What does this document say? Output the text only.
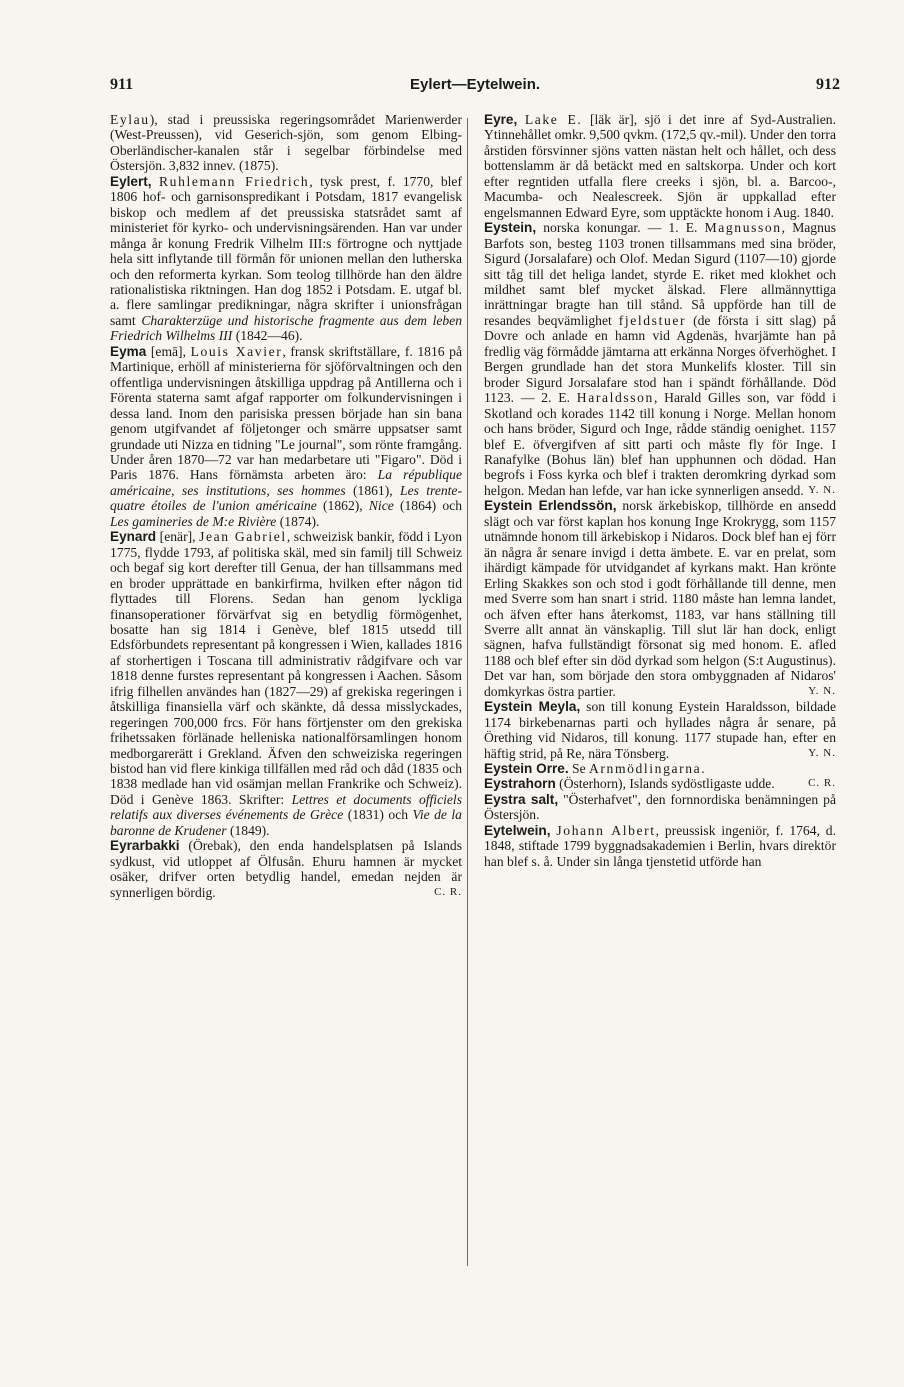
911	Eylert—Eytelwein.	912

Eylau), stad i preussiska regeringsområdet Marienwerder (West-Preussen), vid Geserich-sjön, som genom Elbing-Oberländischer-kanalen står i segelbar förbindelse med Östersjön. 3,832 innev. (1875).

Eylert, Ruhlemann Friedrich, tysk prest, f. 1770, blef 1806 hof- och garnisonspredikant i Potsdam, 1817 evangelisk biskop och medlem af det preussiska statsrådet samt af ministeriet för kyrko- och undervisningsärenden. Han var under många år konung Fredrik Vilhelm III:s förtrogne och nyttjade hela sitt inflytande till förmån för unionen mellan den lutherska och den reformerta kyrkan. Som teolog tillhörde han den äldre rationalistiska riktningen. Han dog 1852 i Potsdam. E. utgaf bl. a. flere samlingar predikningar, några skrifter i unionsfrågan samt Charakterzüge und historische fragmente aus dem leben Friedrich Wilhelms III (1842—46).

Eyma [emā], Louis Xavier, fransk skriftställare, f. 1816 på Martinique, erhöll af ministerierna för sjöförvaltningen och den offentliga undervisningen åtskilliga uppdrag på Antillerna och i Förenta staterna samt afgaf rapporter om folkundervisningen i dessa land. Inom den parisiska pressen började han sin bana genom utgifvandet af följetonger och smärre uppsatser samt grundade uti Nizza en tidning "Le journal", som rönte framgång. Under åren 1870—72 var han medarbetare uti "Figaro". Död i Paris 1876. Hans förnämsta arbeten äro: La république américaine, ses institutions, ses hommes (1861), Les trente-quatre étoiles de l'union américaine (1862), Nice (1864) och Les gamineries de M:e Rivière (1874).

Eynard [enär], Jean Gabriel, schweizisk bankir, född i Lyon 1775, flydde 1793, af politiska skäl, med sin familj till Schweiz och begaf sig kort derefter till Genua, der han tillsammans med en broder upprättade en bankirfirma, hvilken efter någon tid flyttades till Florens. Sedan han genom lyckliga finansoperationer förvärfvat sig en betydlig förmögenhet, bosatte han sig 1814 i Genève, blef 1815 utsedd till Edsförbundets representant på kongressen i Wien, kallades 1816 af storhertigen i Toscana till administrativ rådgifvare och var 1818 denne furstes representant på kongressen i Aachen. Såsom ifrig filhellen användes han (1827—29) af grekiska regeringen i åtskilliga finansiella värf och skänkte, då dessa misslyckades, regeringen 700,000 frcs. För hans förtjenster om den grekiska frihetssaken förlänade helleniska nationalförsamlingen honom medborgarerätt i Grekland. Äfven den schweiziska regeringen bistod han vid flere kinkiga tillfällen med råd och dåd (1835 och 1838 medlade han vid osämjan mellan Frankrike och Schweiz). Död i Genève 1863. Skrifter: Lettres et documents officiels relatifs aux diverses événements de Grèce (1831) och Vie de la baronne de Krudener (1849).

Eyrarbakki (Örebak), den enda handelsplatsen på Islands sydkust, vid utloppet af Ölfusån. Ehuru hamnen är mycket osäker, drifver orten betydlig handel, emedan nejden är synnerligen bördig.	C. R.

Eyre, Lake E. [läk är], sjö i det inre af Syd-Australien. Ytinnehållet omkr. 9,500 qvkm. (172,5 qv.-mil). Under den torra årstiden försvinner sjöns vatten nästan helt och hållet, och dess bottenslamm är då betäckt med en saltskorpa. Under och kort efter regntiden utfalla flere creeks i sjön, bl. a. Barcoo-, Macumba- och Nealescreek. Sjön är uppkallad efter engelsmannen Edward Eyre, som upptäckte honom i Aug. 1840.

Eystein, norska konungar. — 1. E. Magnusson, Magnus Barfots son, besteg 1103 tronen tillsammans med sina bröder, Sigurd (Jorsalafare) och Olof. Medan Sigurd (1107—10) gjorde sitt tåg till det heliga landet, styrde E. riket med klokhet och mildhet samt blef mycket älskad. Flere allmännyttiga inrättningar bragte han till stånd. Så uppförde han till de resandes beqvämlighet fjeldstuer (de första i sitt slag) på Dovre och anlade en hamn vid Agdenäs, hvarjämte han på fredlig väg förmådde jämtarna att erkänna Norges öfverhöghet. I Bergen grundlade han det stora Munkelifs kloster. Till sin broder Sigurd Jorsalafare stod han i spändt förhållande. Död 1123. — 2. E. Haraldsson, Harald Gilles son, var född i Skotland och korades 1142 till konung i Norge. Mellan honom och hans bröder, Sigurd och Inge, rådde ständig oenighet. 1157 blef E. öfvergifven af sitt parti och måste fly för Inge. I Ranafylke (Bohus län) blef han upphunnen och dödad. Han begrofs i Foss kyrka och blef i trakten deromkring dyrkad som helgon. Medan han lefde, var han icke synnerligen ansedd. Y. N.

Eystein Erlendssön, norsk ärkebiskop, tillhörde en ansedd slägt och var först kaplan hos konung Inge Krokrygg, som 1157 utnämnde honom till ärkebiskop i Nidaros. Dock blef han ej förr än några år senare invigd i detta ämbete. E. var en prelat, som ihärdigt kämpade för utvidgandet af kyrkans makt. Han krönte Erling Skakkes son och stod i godt förhållande till denne, men med Sverre som han snart i strid. 1180 måste han lemna landet, och äfven efter hans återkomst, 1183, var hans ställning till Sverre allt annat än vänskaplig. Till slut lär han dock, enligt sägnen, hafva fullständigt försonat sig med honom. E. afled 1188 och blef efter sin död dyrkad som helgon (S:t Augustinus). Det var han, som började den stora ombyggnaden af Nidaros' domkyrkas östra partier.	Y. N.

Eystein Meyla, son till konung Eystein Haraldsson, bildade 1174 birkebenarnas parti och hyllades några år senare, på Örething vid Nidaros, till konung. 1177 stupade han, efter en häftig strid, på Re, nära Tönsberg.	Y. N.

Eystein Orre. Se Arnmödlingarna.

Eystrahorn (Österhorn), Islands sydöstligaste udde.	C. R.

Eystra salt, "Österhafvet", den fornnordiska benämningen på Östersjön.

Eytelwein, Johann Albert, preussisk ingeniör, f. 1764, d. 1848, stiftade 1799 byggnadsakademien i Berlin, hvars direktör han blef s. å. Under sin långa tjenstetid utförde han
